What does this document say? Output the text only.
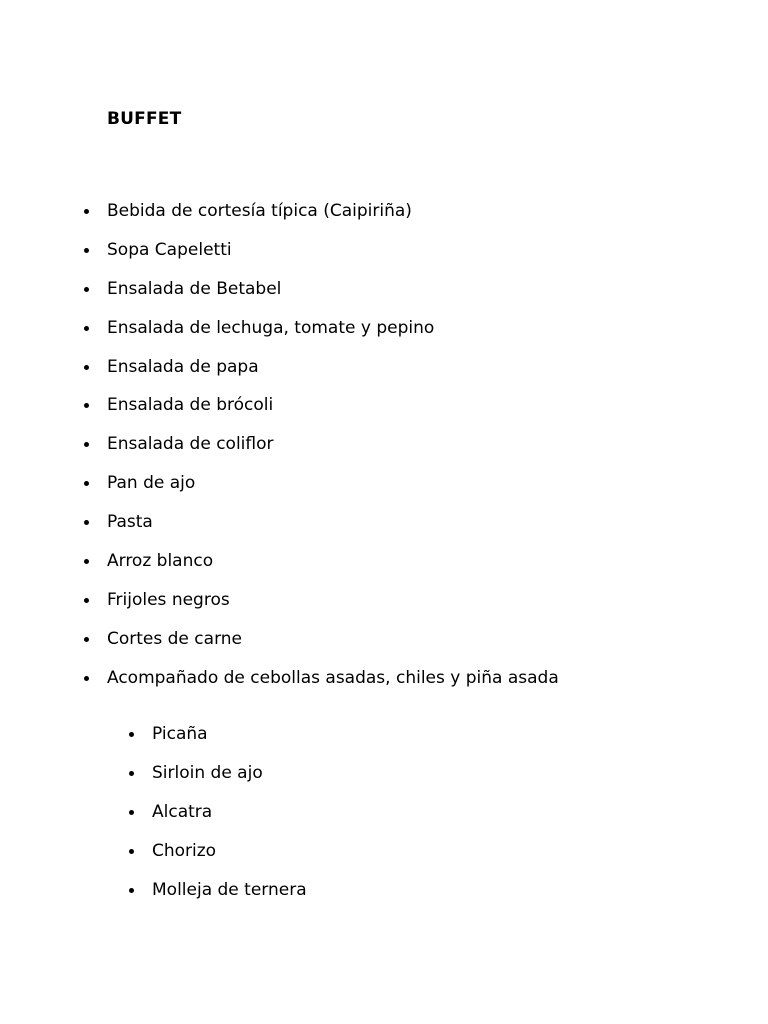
BUFFET
Bebida de cortesía típica (Caipiriña)
Sopa Capeletti
Ensalada de Betabel
Ensalada de lechuga, tomate y pepino
Ensalada de papa
Ensalada de brócoli
Ensalada de coliflor
Pan de ajo
Pasta
Arroz blanco
Frijoles negros
Cortes de carne
Acompañado de cebollas asadas, chiles y piña asada
Picaña
Sirloin de ajo
Alcatra
Chorizo
Molleja de ternera
